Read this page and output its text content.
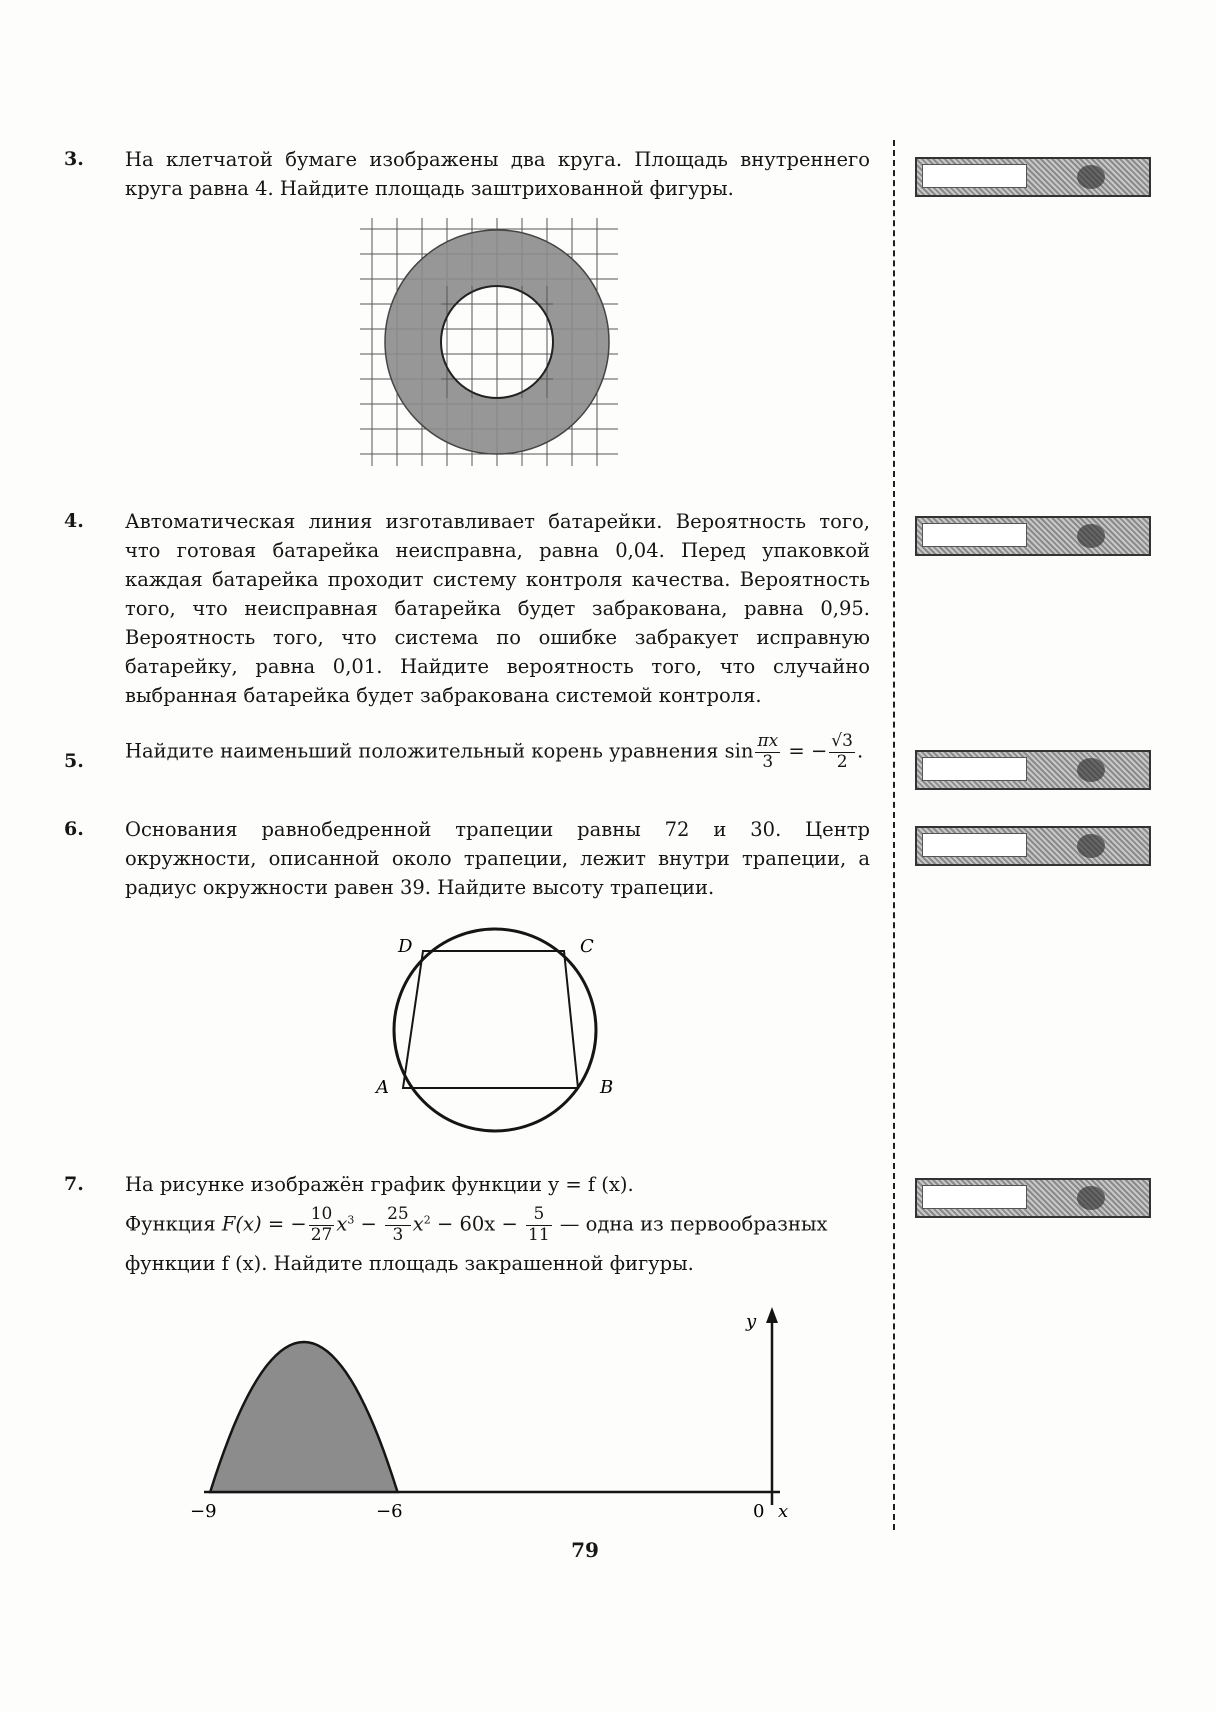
3. На клетчатой бумаге изображены два круга. Площадь внутреннего круга равна 4. Найдите площадь заштрихованной фигуры.

4. Автоматическая линия изготавливает батарейки. Вероятность того, что готовая батарейка неисправна, равна 0,04. Перед упаковкой каждая батарейка проходит систему контроля качества. Вероятность того, что неисправная батарейка будет забракована, равна 0,95. Вероятность того, что система по ошибке забракует исправную батарейку, равна 0,01. Найдите вероятность того, что случайно выбранная батарейка будет забракована системой контроля.

5. Найдите наименьший положительный корень уравнения $\sin \frac{\pi x}{3}$ = − $\frac{√3}{2}$ .
6. Основания равнобедренной трапеции равны 72 и 30. Центр окружности, описанной около трапеции, лежит внутри трапеции, а радиус окружности равен 39. Найдите высоту трапеции.

A	B
C
D
7. На рисунке изображён график функции y = f (x).

Функция F(x) = − $\frac{10}{27} x^3 - \frac{25}{3} x^2 - 60x - \frac{5}{11}$ — одна из первообразных

функции f (x). Найдите площадь закрашенной фигуры.

y
x
0
−9	−6
79
